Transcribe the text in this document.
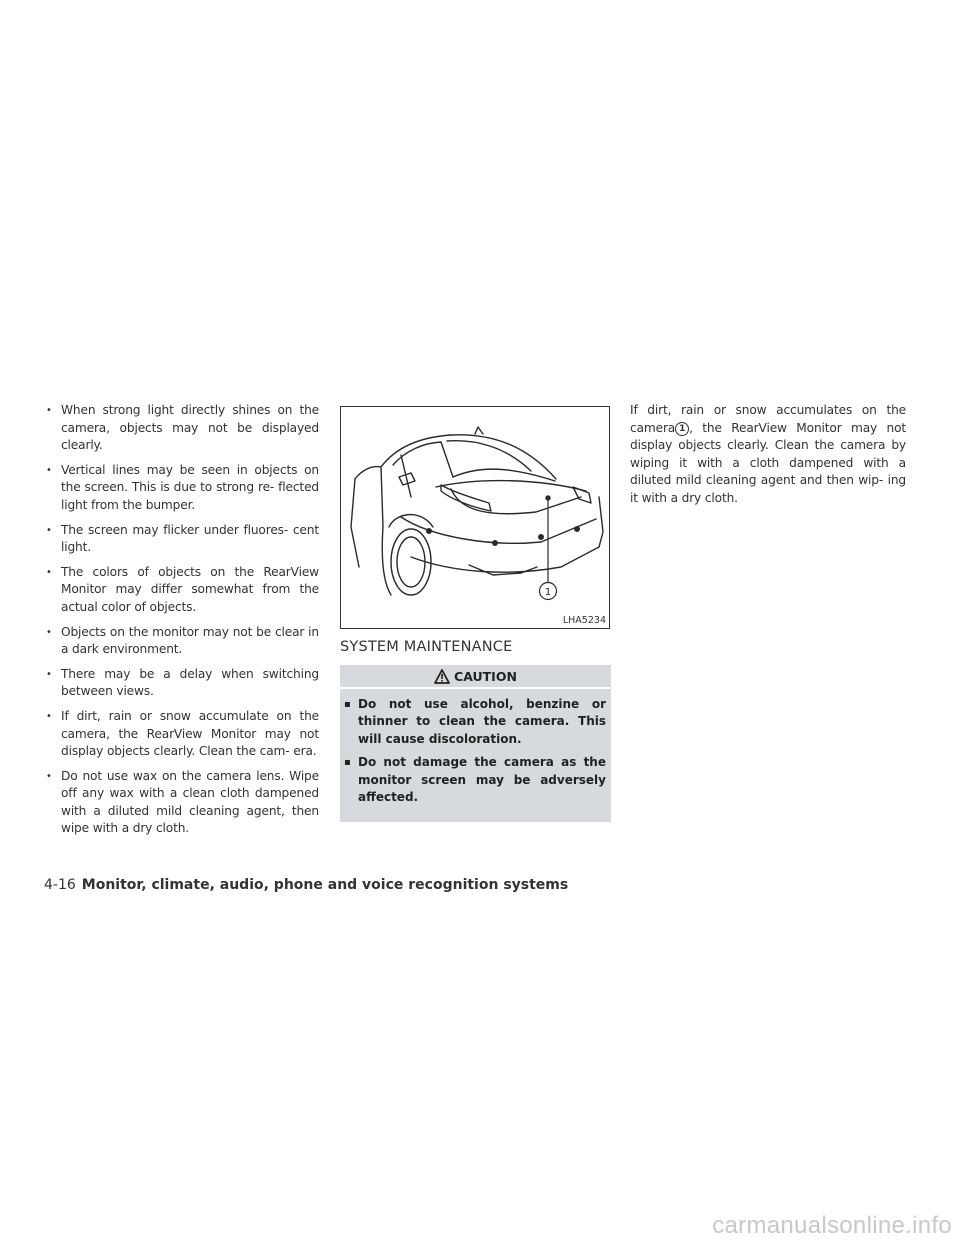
• When strong light directly shines on the camera, objects may not be displayed clearly.
• Vertical lines may be seen in objects on the screen. This is due to strong re- flected light from the bumper.
• The screen may flicker under fluores- cent light.
• The colors of objects on the RearView Monitor may differ somewhat from the actual color of objects.
• Objects on the monitor may not be clear in a dark environment.
• There may be a delay when switching between views.
• If dirt, rain or snow accumulate on the camera, the RearView Monitor may not display objects clearly. Clean the cam- era.
• Do not use wax on the camera lens. Wipe off any wax with a clean cloth dampened with a diluted mild cleaning agent, then wipe with a dry cloth.
1
LHA5234
SYSTEM MAINTENANCE
CAUTION
▪ Do not use alcohol, benzine or thinner to clean the camera. This will cause discoloration.
▪ Do not damage the camera as the monitor screen may be adversely affected.

If dirt, rain or snow accumulates on the camera 1 , the RearView Monitor may not display objects clearly. Clean the camera by wiping it with a cloth dampened with a diluted mild cleaning agent and then wip- ing it with a dry cloth.

4-16 Monitor, climate, audio, phone and voice recognition systems
carmanualsonline.info
